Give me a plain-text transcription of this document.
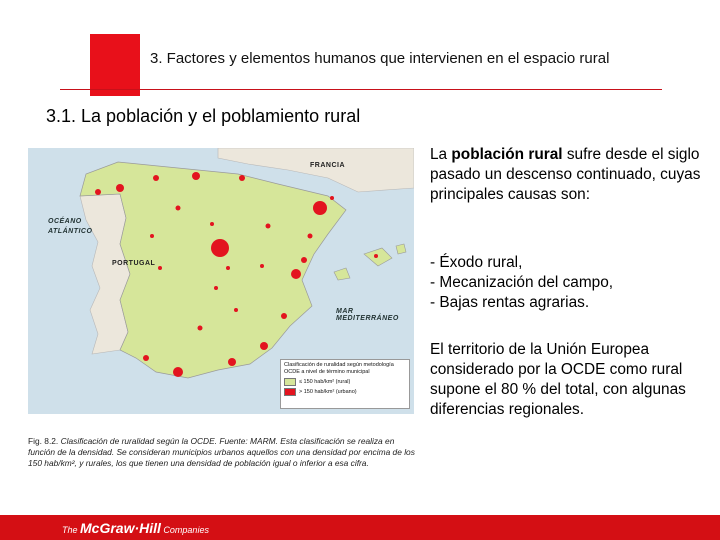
3. Factores y elementos humanos que intervienen en el espacio rural
3.1. La población y el poblamiento rural
FRANCIA
OCÉANO
ATLÁNTICO
PORTUGAL
MAR MEDITERRÁNEO
Clasificación de ruralidad según metodología OCDE a nivel de término municipal
≤ 150 hab/km² (rural)
> 150 hab/km² (urbano)
Fig. 8.2. Clasificación de ruralidad según la OCDE. Fuente: MARM. Esta clasificación se realiza en función de la densidad. Se consideran municipios urbanos aquellos con una densidad por encima de los 150 hab/km², y rurales, los que tienen una densidad de población igual o inferior a esa cifra.

La población rural sufre desde el siglo pasado un descenso continuado, cuyas principales causas son:

- Éxodo rural,
- Mecanización del campo,
- Bajas rentas agrarias.

El territorio de la Unión Europea considerado por la OCDE como rural supone el 80 % del total, con algunas diferencias regionales.

The McGraw·Hill Companies
